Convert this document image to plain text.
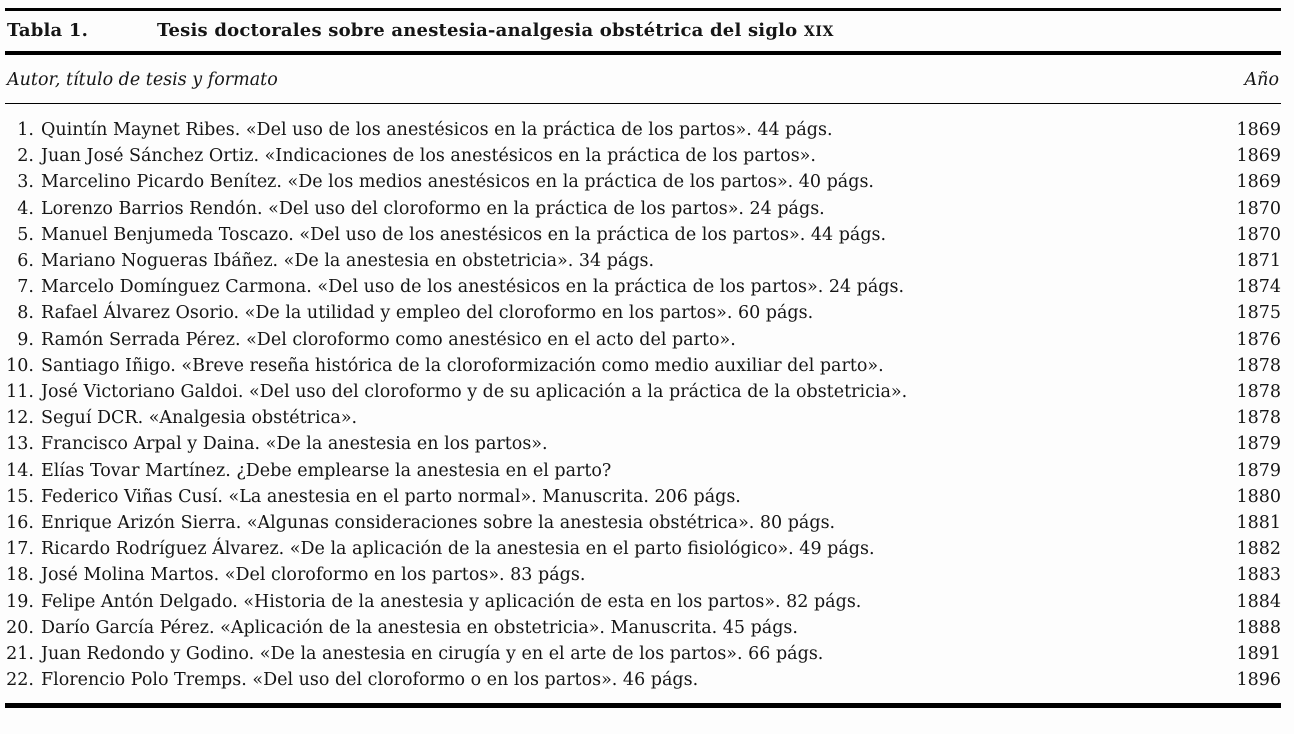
Tabla 1.	Tesis doctorales sobre anestesia-analgesia obstétrica del siglo XIX
Autor, título de tesis y formato	Año
1. Quintín Maynet Ribes. «Del uso de los anestésicos en la práctica de los partos». 44 págs.	1869
2. Juan José Sánchez Ortiz. «Indicaciones de los anestésicos en la práctica de los partos».	1869
3. Marcelino Picardo Benítez. «De los medios anestésicos en la práctica de los partos». 40 págs.	1869
4. Lorenzo Barrios Rendón. «Del uso del cloroformo en la práctica de los partos». 24 págs.	1870
5. Manuel Benjumeda Toscazo. «Del uso de los anestésicos en la práctica de los partos». 44 págs.	1870
6. Mariano Nogueras Ibáñez. «De la anestesia en obstetricia». 34 págs.	1871
7. Marcelo Domínguez Carmona. «Del uso de los anestésicos en la práctica de los partos». 24 págs.	1874
8. Rafael Álvarez Osorio. «De la utilidad y empleo del cloroformo en los partos». 60 págs.	1875
9. Ramón Serrada Pérez. «Del cloroformo como anestésico en el acto del parto».	1876
10. Santiago Iñigo. «Breve reseña histórica de la cloroformización como medio auxiliar del parto».	1878
11. José Victoriano Galdoi. «Del uso del cloroformo y de su aplicación a la práctica de la obstetricia».	1878
12. Seguí DCR. «Analgesia obstétrica».	1878
13. Francisco Arpal y Daina. «De la anestesia en los partos».	1879
14. Elías Tovar Martínez. ¿Debe emplearse la anestesia en el parto?	1879
15. Federico Viñas Cusí. «La anestesia en el parto normal». Manuscrita. 206 págs.	1880
16. Enrique Arizón Sierra. «Algunas consideraciones sobre la anestesia obstétrica». 80 págs.	1881
17. Ricardo Rodríguez Álvarez. «De la aplicación de la anestesia en el parto fisiológico». 49 págs.	1882
18. José Molina Martos. «Del cloroformo en los partos». 83 págs.	1883
19. Felipe Antón Delgado. «Historia de la anestesia y aplicación de esta en los partos». 82 págs.	1884
20. Darío García Pérez. «Aplicación de la anestesia en obstetricia». Manuscrita. 45 págs.	1888
21. Juan Redondo y Godino. «De la anestesia en cirugía y en el arte de los partos». 66 págs.	1891
22. Florencio Polo Tremps. «Del uso del cloroformo o en los partos». 46 págs.	1896
